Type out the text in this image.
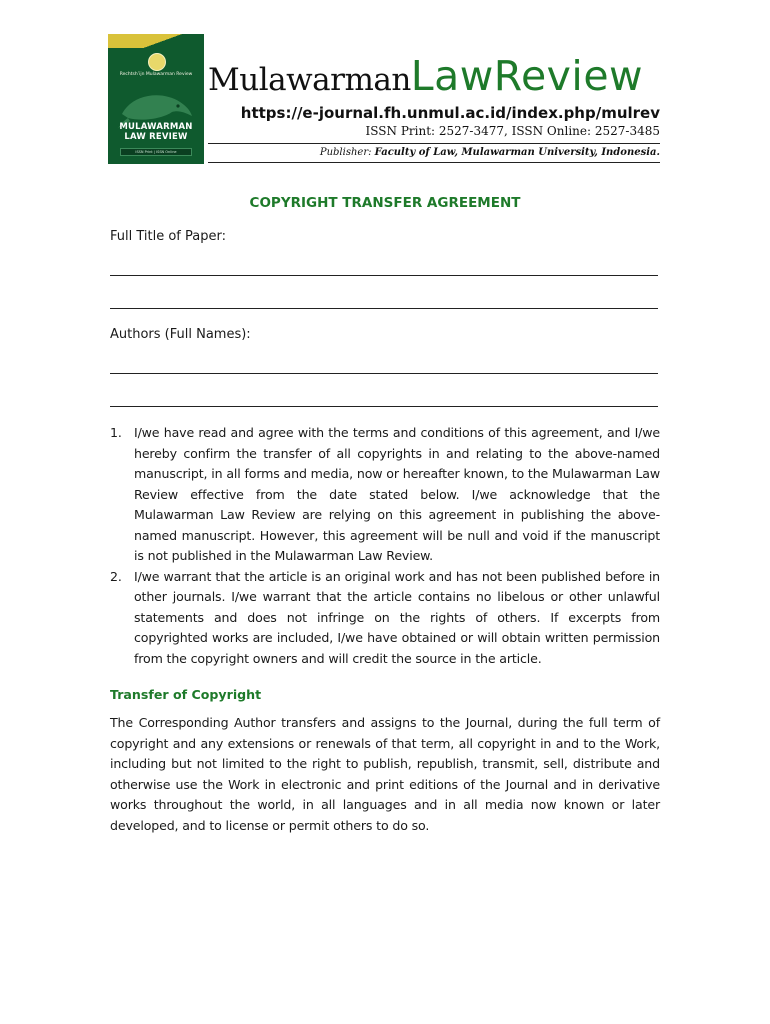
Rechtsh’ijn Mulawarman Review
MULAWARMAN
LAW REVIEW
ISSN Print | ISSN Online
MulawarmanLawReview
https://e-journal.fh.unmul.ac.id/index.php/mulrev
ISSN Print: 2527-3477, ISSN Online: 2527-3485
Publisher: Faculty of Law, Mulawarman University, Indonesia.
COPYRIGHT TRANSFER AGREEMENT
Full Title of Paper:
Authors (Full Names):
1. I/we have read and agree with the terms and conditions of this agreement, and I/we hereby confirm the transfer of all copyrights in and relating to the above-named manuscript, in all forms and media, now or hereafter known, to the Mulawarman Law Review effective from the date stated below. I/we acknowledge that the Mulawarman Law Review are relying on this agreement in publishing the above-named manuscript. However, this agreement will be null and void if the manuscript is not published in the Mulawarman Law Review.
2. I/we warrant that the article is an original work and has not been published before in other journals. I/we warrant that the article contains no libelous or other unlawful statements and does not infringe on the rights of others. If excerpts from copyrighted works are included, I/we have obtained or will obtain written permission from the copyright owners and will credit the source in the article.
Transfer of Copyright

The Corresponding Author transfers and assigns to the Journal, during the full term of copyright and any extensions or renewals of that term, all copyright in and to the Work, including but not limited to the right to publish, republish, transmit, sell, distribute and otherwise use the Work in electronic and print editions of the Journal and in derivative works throughout the world, in all languages and in all media now known or later developed, and to license or permit others to do so.
